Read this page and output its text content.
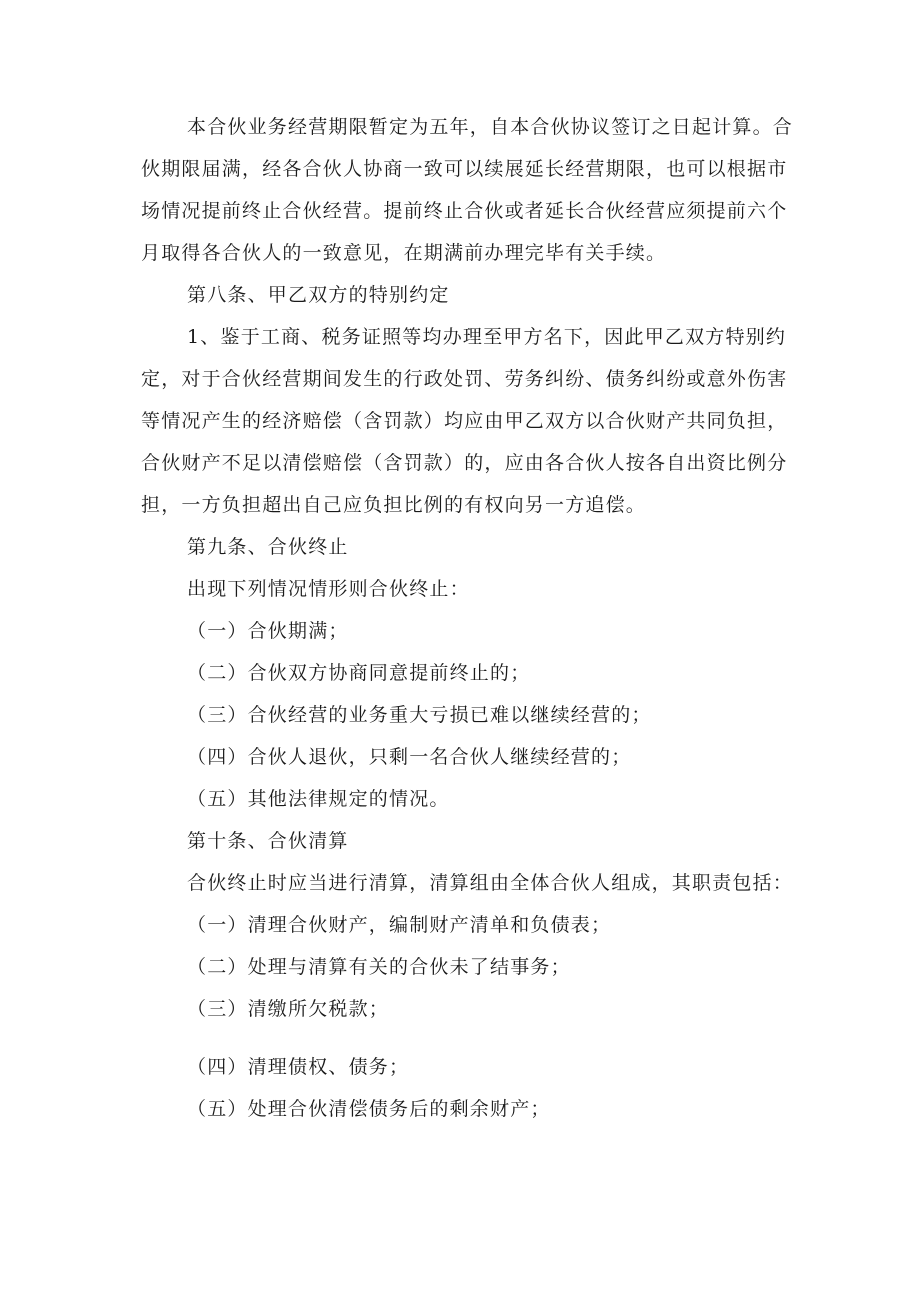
本合伙业务经营期限暂定为五年，自本合伙协议签订之日起计算。合
伙期限届满，经各合伙人协商一致可以续展延长经营期限，也可以根据市
场情况提前终止合伙经营。提前终止合伙或者延长合伙经营应须提前六个
月取得各合伙人的一致意见，在期满前办理完毕有关手续。
第八条、甲乙双方的特别约定
1、鉴于工商、税务证照等均办理至甲方名下，因此甲乙双方特别约
定，对于合伙经营期间发生的行政处罚、劳务纠纷、债务纠纷或意外伤害
等情况产生的经济赔偿（含罚款）均应由甲乙双方以合伙财产共同负担，
合伙财产不足以清偿赔偿（含罚款）的，应由各合伙人按各自出资比例分
担，一方负担超出自己应负担比例的有权向另一方追偿。
第九条、合伙终止
出现下列情况情形则合伙终止：
（一）合伙期满；
（二）合伙双方协商同意提前终止的；
（三）合伙经营的业务重大亏损已难以继续经营的；
（四）合伙人退伙，只剩一名合伙人继续经营的；
（五）其他法律规定的情况。
第十条、合伙清算
合伙终止时应当进行清算，清算组由全体合伙人组成，其职责包括：
（一）清理合伙财产，编制财产清单和负债表；
（二）处理与清算有关的合伙未了结事务；
（三）清缴所欠税款；
（四）清理债权、债务；
（五）处理合伙清偿债务后的剩余财产；
